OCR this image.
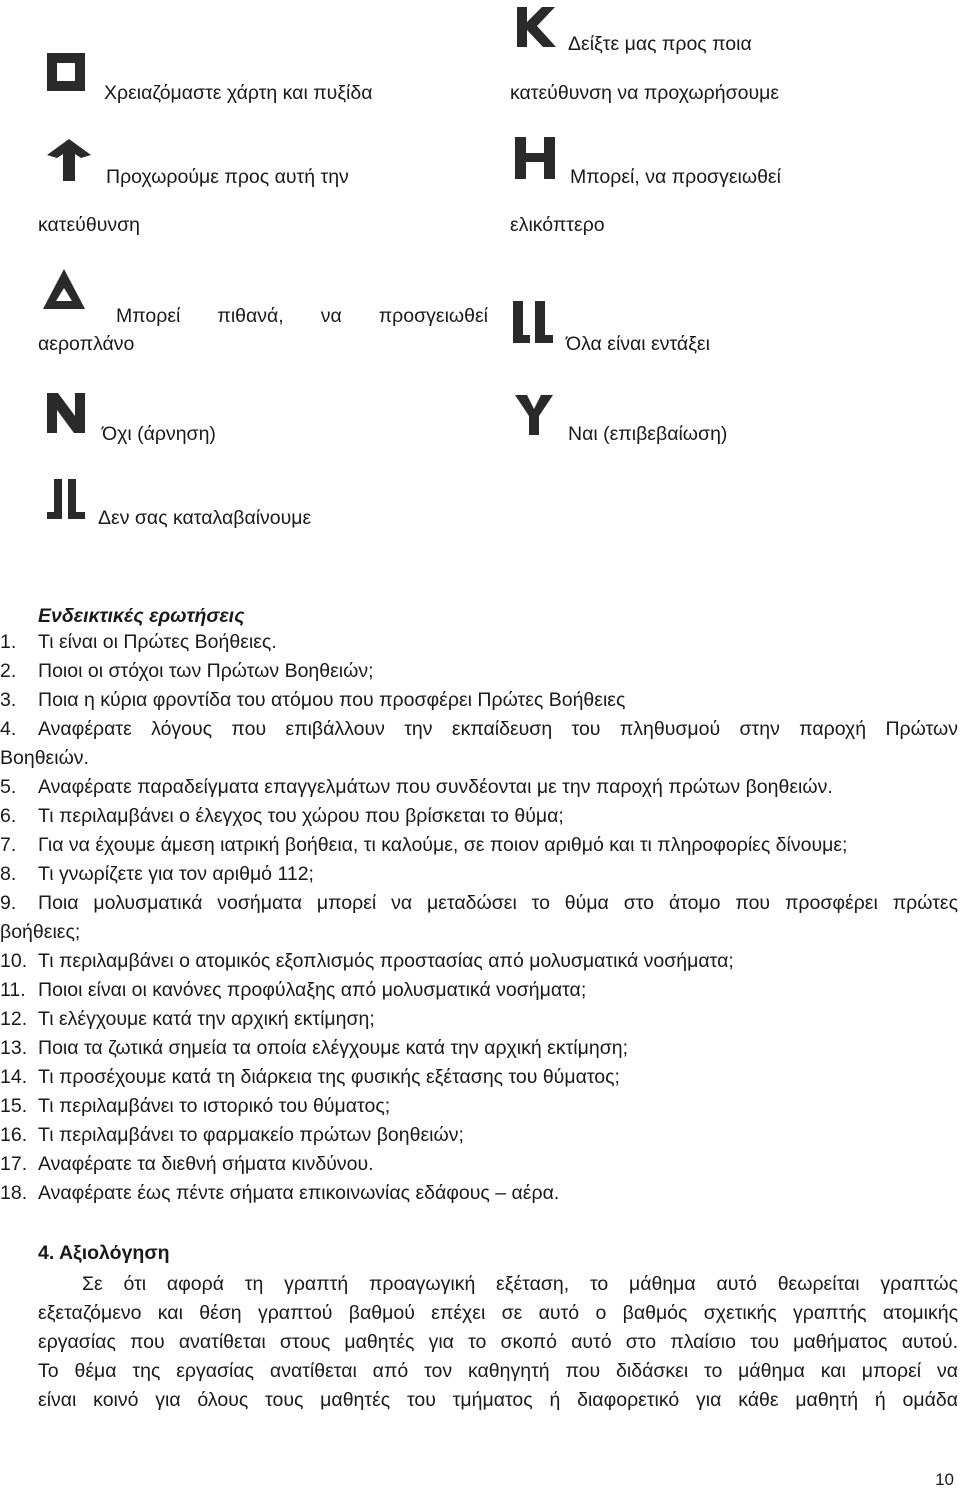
Χρειαζόμαστε χάρτη και πυξίδα
Δείξτε μας προς ποια
κατεύθυνση να προχωρήσουμε
Προχωρούμε προς αυτή την
κατεύθυνση
Μπορεί, να προσγειωθεί
ελικόπτερο
Μπορεί πιθανά, να προσγειωθεί
αεροπλάνο	Όλα είναι εντάξει
Όχι (άρνηση)	Ναι (επιβεβαίωση)
Δεν σας καταλαβαίνουμε
Ενδεικτικές ερωτήσεις
1. Τι είναι οι Πρώτες Βοήθειες.
2. Ποιοι οι στόχοι των Πρώτων Βοηθειών;
3. Ποια η κύρια φροντίδα του ατόμου που προσφέρει Πρώτες Βοήθειες
4. Αναφέρατε λόγους που επιβάλλουν την εκπαίδευση του πληθυσμού στην παροχή Πρώτων
Βοηθειών.
5. Αναφέρατε παραδείγματα επαγγελμάτων που συνδέονται με την παροχή πρώτων βοηθειών.
6. Τι περιλαμβάνει ο έλεγχος του χώρου που βρίσκεται το θύμα;
7. Για να έχουμε άμεση ιατρική βοήθεια, τι καλούμε, σε ποιον αριθμό και τι πληροφορίες δίνουμε;
8. Τι γνωρίζετε για τον αριθμό 112;
9. Ποια μολυσματικά νοσήματα μπορεί να μεταδώσει το θύμα στο άτομο που προσφέρει πρώτες
βοήθειες;
10. Τι περιλαμβάνει ο ατομικός εξοπλισμός προστασίας από μολυσματικά νοσήματα;
11. Ποιοι είναι οι κανόνες προφύλαξης από μολυσματικά νοσήματα;
12. Τι ελέγχουμε κατά την αρχική εκτίμηση;
13. Ποια τα ζωτικά σημεία τα οποία ελέγχουμε κατά την αρχική εκτίμηση;
14. Τι προσέχουμε κατά τη διάρκεια της φυσικής εξέτασης του θύματος;
15. Τι περιλαμβάνει το ιστορικό του θύματος;
16. Τι περιλαμβάνει το φαρμακείο πρώτων βοηθειών;
17. Αναφέρατε τα διεθνή σήματα κινδύνου.
18. Αναφέρατε έως πέντε σήματα επικοινωνίας εδάφους – αέρα.
4. Αξιολόγηση

Σε ότι αφορά τη γραπτή προαγωγική εξέταση, το μάθημα αυτό θεωρείται γραπτώς
εξεταζόμενο και θέση γραπτού βαθμού επέχει σε αυτό ο βαθμός σχετικής γραπτής ατομικής
εργασίας που ανατίθεται στους μαθητές για το σκοπό αυτό στο πλαίσιο του μαθήματος αυτού.
Το θέμα της εργασίας ανατίθεται από τον καθηγητή που διδάσκει το μάθημα και μπορεί να
είναι κοινό για όλους τους μαθητές του τμήματος ή διαφορετικό για κάθε μαθητή ή ομάδα

10
